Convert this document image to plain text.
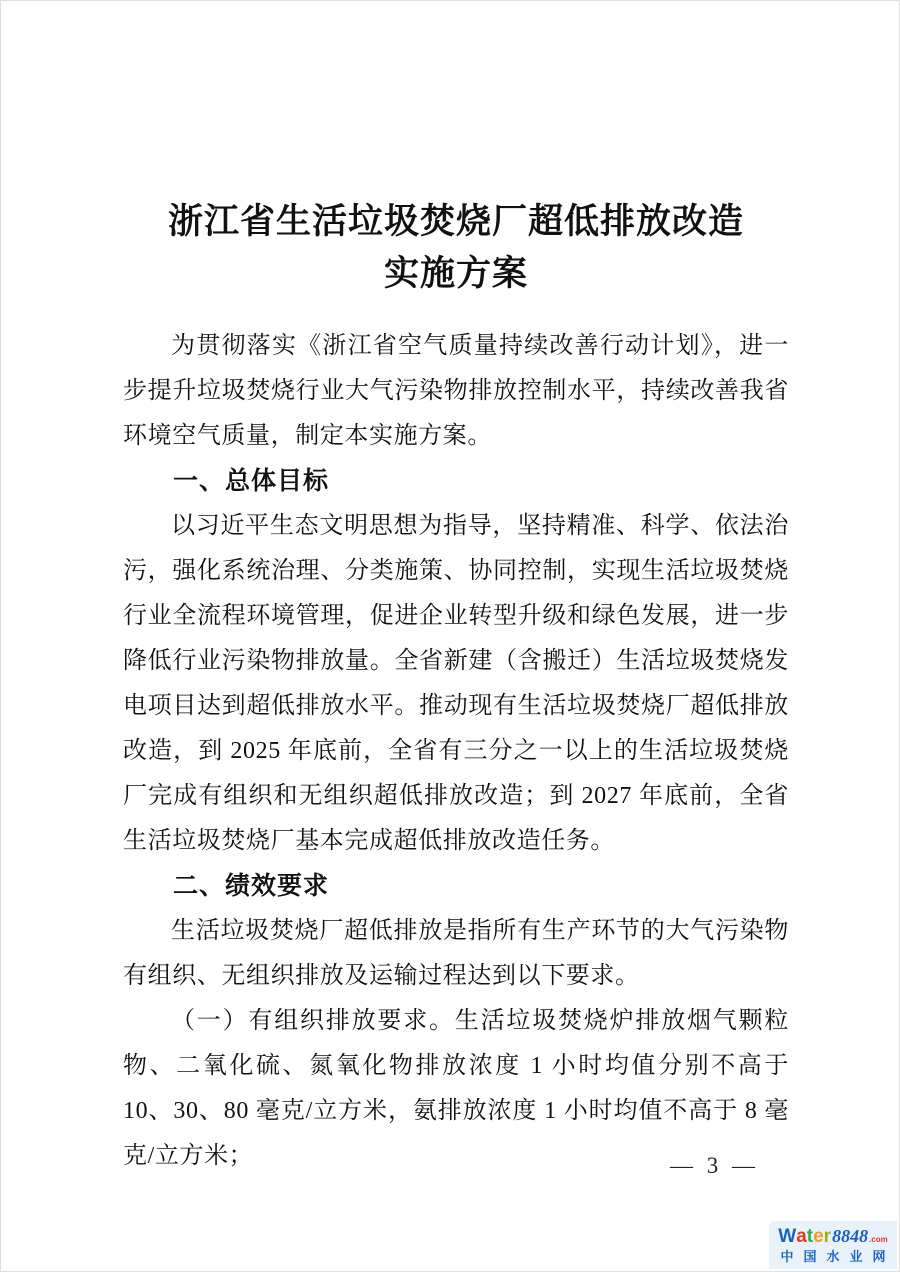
浙江省生活垃圾焚烧厂超低排放改造
实施方案

为贯彻落实《浙江省空气质量持续改善行动计划》，进一步提升垃圾焚烧行业大气污染物排放控制水平，持续改善我省环境空气质量，制定本实施方案。

一、总体目标

以习近平生态文明思想为指导，坚持精准、科学、依法治污，强化系统治理、分类施策、协同控制，实现生活垃圾焚烧行业全流程环境管理，促进企业转型升级和绿色发展，进一步降低行业污染物排放量。全省新建（含搬迁）生活垃圾焚烧发电项目达到超低排放水平。推动现有生活垃圾焚烧厂超低排放改造，到 2025 年底前，全省有三分之一以上的生活垃圾焚烧厂完成有组织和无组织超低排放改造；到 2027 年底前，全省生活垃圾焚烧厂基本完成超低排放改造任务。

二、绩效要求

生活垃圾焚烧厂超低排放是指所有生产环节的大气污染物有组织、无组织排放及运输过程达到以下要求。

（一）有组织排放要求。生活垃圾焚烧炉排放烟气颗粒物、二氧化硫、氮氧化物排放浓度 1 小时均值分别不高于 10、30、80 毫克/立方米，氨排放浓度 1 小时均值不高于 8 毫克/立方米；	— 3 —
W a t e r 8848 .com
中国水业网
